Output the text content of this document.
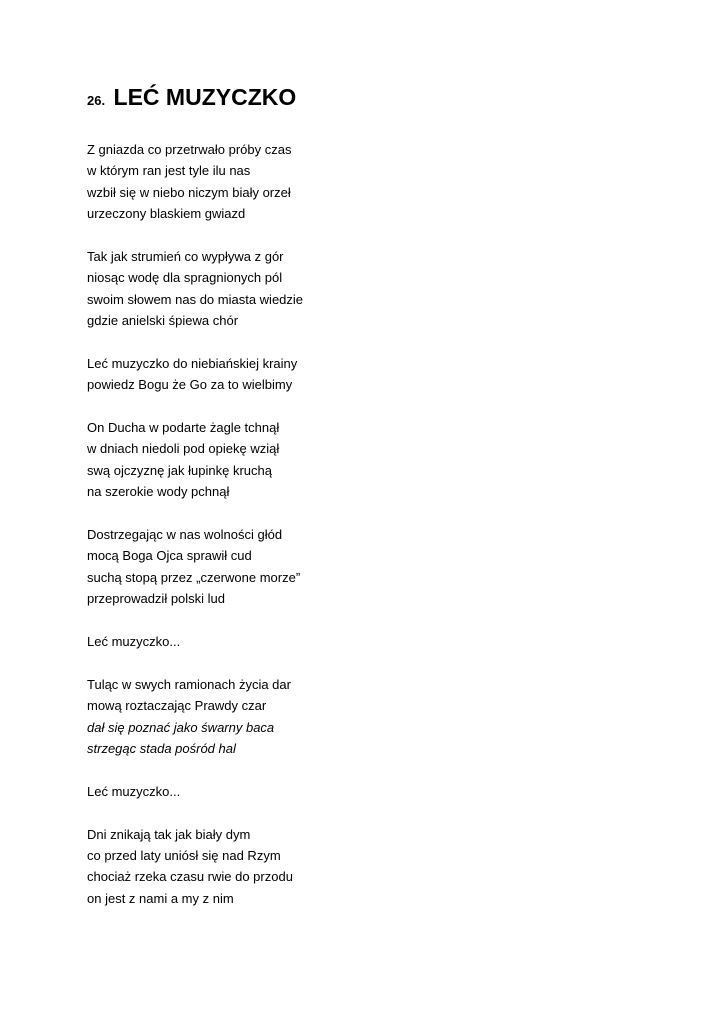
26. LEĆ MUZYCZKO
Z gniazda co przetrwało próby czas
w którym ran jest tyle ilu nas
wzbił się w niebo niczym biały orzeł
urzeczony blaskiem gwiazd
Tak jak strumień co wypływa z gór
niosąc wodę dla spragnionych pól
swoim słowem nas do miasta wiedzie
gdzie anielski śpiewa chór
Leć muzyczko do niebiańskiej krainy
powiedz Bogu że Go za to wielbimy
On Ducha w podarte żagle tchnął
w dniach niedoli pod opiekę wziął
swą ojczyznę jak łupinkę kruchą
na szerokie wody pchnął
Dostrzegając w nas wolności głód
mocą Boga Ojca sprawił cud
suchą stopą przez „czerwone morze”
przeprowadził polski lud
Leć muzyczko...
Tuląc w swych ramionach życia dar
mową roztaczając Prawdy czar
dał się poznać jako śwarny baca
strzegąc stada pośród hal
Leć muzyczko...
Dni znikają tak jak biały dym
co przed laty uniósł się nad Rzym
chociaż rzeka czasu rwie do przodu
on jest z nami a my z nim
